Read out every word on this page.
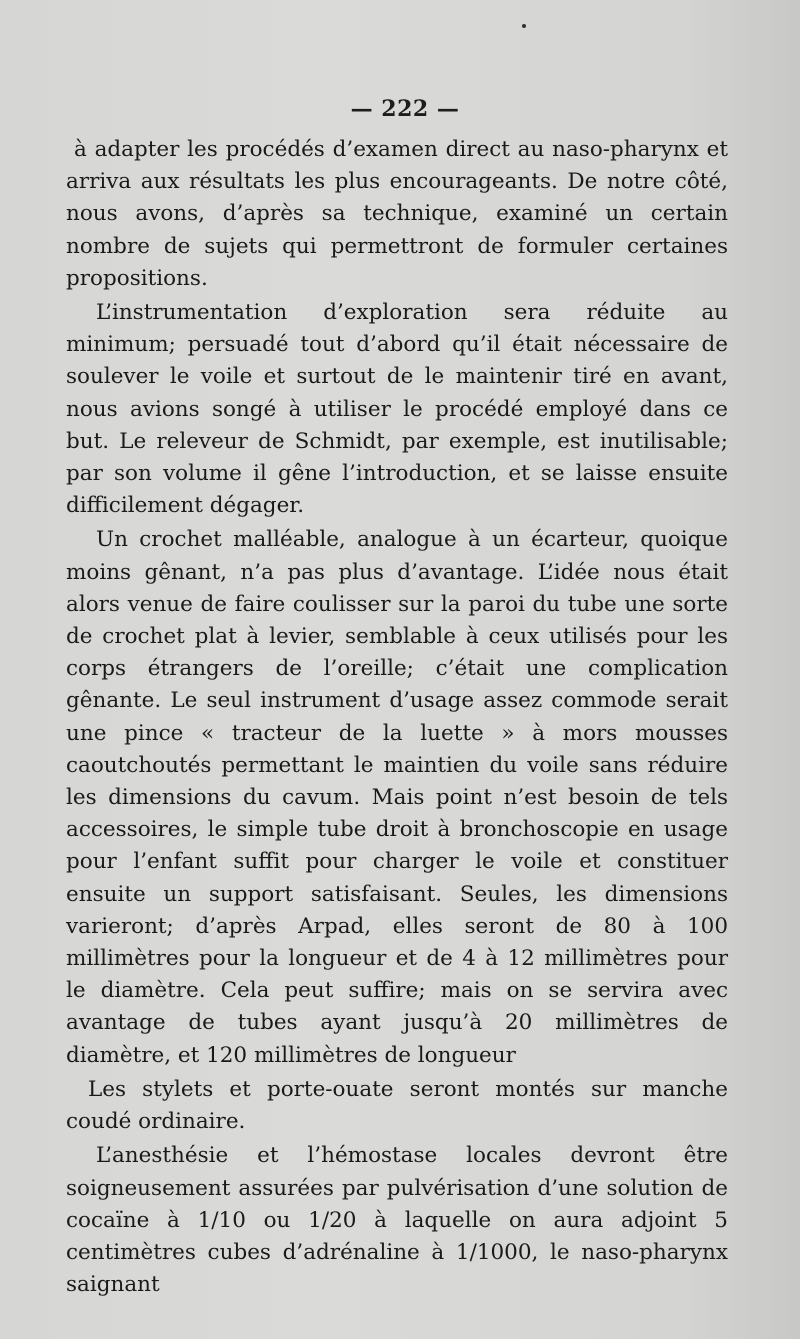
— 222 —

à adapter les procédés d’examen direct au naso-pharynx et arriva aux résultats les plus encourageants. De notre côté, nous avons, d’après sa technique, examiné un certain nombre de sujets qui permettront de formuler certaines propositions.

L’instrumentation d’exploration sera réduite au minimum; persuadé tout d’abord qu’il était nécessaire de soulever le voile et surtout de le maintenir tiré en avant, nous avions songé à utiliser le procédé employé dans ce but. Le releveur de Schmidt, par exemple, est inutilisable; par son volume il gêne l’introduction, et se laisse ensuite difficilement dégager.

Un crochet malléable, analogue à un écarteur, quoique moins gênant, n’a pas plus d’avantage. L’idée nous était alors venue de faire coulisser sur la paroi du tube une sorte de crochet plat à levier, semblable à ceux utilisés pour les corps étrangers de l’oreille; c’était une complication gênante. Le seul instrument d’usage assez commode serait une pince « tracteur de la luette » à mors mousses caoutchoutés permettant le maintien du voile sans réduire les dimensions du cavum. Mais point n’est besoin de tels accessoires, le simple tube droit à bronchoscopie en usage pour l’enfant suffit pour charger le voile et constituer ensuite un support satisfaisant. Seules, les dimensions varieront; d’après Arpad, elles seront de 80 à 100 millimètres pour la longueur et de 4 à 12 millimètres pour le diamètre. Cela peut suffire; mais on se servira avec avantage de tubes ayant jusqu’à 20 millimètres de diamètre, et 120 millimètres de longueur

Les stylets et porte-ouate seront montés sur manche coudé ordinaire.

L’anesthésie et l’hémostase locales devront être soigneusement assurées par pulvérisation d’une solution de cocaïne à 1/10 ou 1/20 à laquelle on aura adjoint 5 centimètres cubes d’adrénaline à 1/1000, le naso-pharynx saignant
